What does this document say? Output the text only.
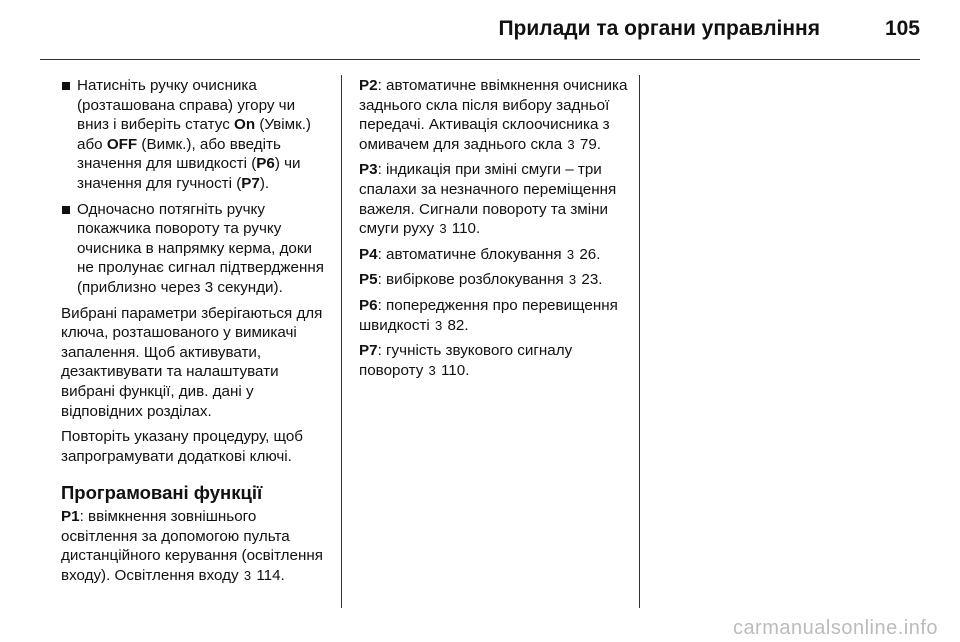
Прилади та органи управління	105
Натисніть ручку очисника (розташована справа) угору чи вниз і виберіть статус On (Увімк.) або OFF (Вимк.), або введіть значення для швидкості (P6) чи значення для гучності (P7).
Одночасно потягніть ручку покажчика повороту та ручку очисника в напрямку керма, доки не пролунає сигнал підтвердження (приблизно через 3 секунди).

Вибрані параметри зберігаються для ключа, розташованого у вимикачі запалення. Щоб активувати, дезактивувати та налаштувати вибрані функції, див. дані у відповідних розділах.

Повторіть указану процедуру, щоб запрограмувати додаткові ключі.

Програмовані функції

P1: ввімкнення зовнішнього освітлення за допомогою пульта дистанційного керування (освітлення входу). Освітлення входу 3 114.

P2: автоматичне ввімкнення очисника заднього скла після вибору задньої передачі. Активація склоочисника з омивачем для заднього скла 3 79.

P3: індикація при зміні смуги – три спалахи за незначного переміщення важеля. Сигнали повороту та зміни смуги руху 3 110.

P4: автоматичне блокування 3 26.

P5: вибіркове розблокування 3 23.

P6: попередження про перевищення швидкості 3 82.

P7: гучність звукового сигналу повороту 3 110.

carmanualsonline.info
